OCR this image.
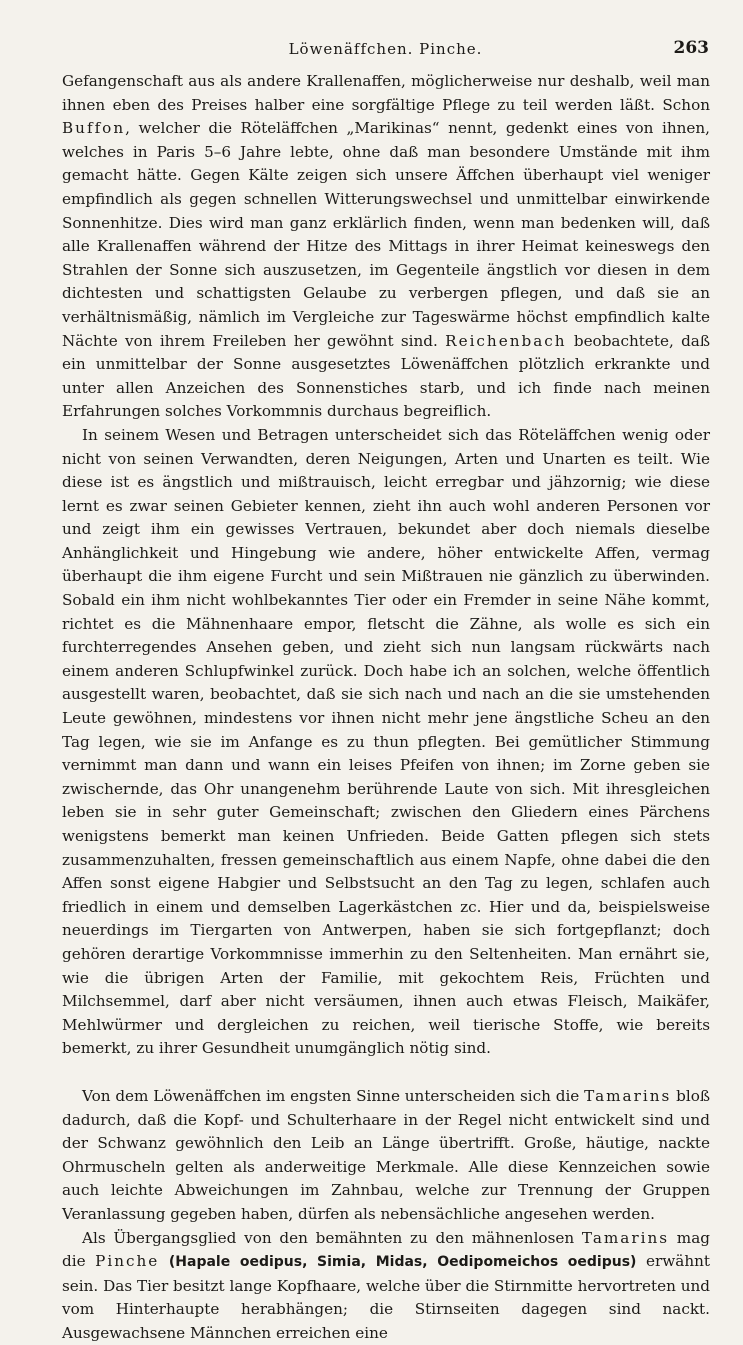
Löwenäffchen. Pinche.	263

Gefangenschaft aus als andere Krallenaffen, möglicherweise nur deshalb, weil man ihnen eben des Preises halber eine sorgfältige Pflege zu teil werden läßt. Schon Buffon, welcher die Röteläffchen „Marikinas“ nennt, gedenkt eines von ihnen, welches in Paris 5–6 Jahre lebte, ohne daß man besondere Umstände mit ihm gemacht hätte. Gegen Kälte zeigen sich unsere Äffchen überhaupt viel weniger empfindlich als gegen schnellen Witterungswechsel und unmittelbar einwirkende Sonnenhitze. Dies wird man ganz erklärlich finden, wenn man bedenken will, daß alle Krallenaffen während der Hitze des Mittags in ihrer Heimat keineswegs den Strahlen der Sonne sich auszusetzen, im Gegenteile ängstlich vor diesen in dem dichtesten und schattigsten Gelaube zu verbergen pflegen, und daß sie an verhältnismäßig, nämlich im Vergleiche zur Tageswärme höchst empfindlich kalte Nächte von ihrem Freileben her gewöhnt sind. Reichenbach beobachtete, daß ein unmittelbar der Sonne ausgesetztes Löwenäffchen plötzlich erkrankte und unter allen Anzeichen des Sonnenstiches starb, und ich finde nach meinen Erfahrungen solches Vorkommnis durchaus begreiflich.

In seinem Wesen und Betragen unterscheidet sich das Röteläffchen wenig oder nicht von seinen Verwandten, deren Neigungen, Arten und Unarten es teilt. Wie diese ist es ängstlich und mißtrauisch, leicht erregbar und jähzornig; wie diese lernt es zwar seinen Gebieter kennen, zieht ihn auch wohl anderen Personen vor und zeigt ihm ein gewisses Vertrauen, bekundet aber doch niemals dieselbe Anhänglichkeit und Hingebung wie andere, höher entwickelte Affen, vermag überhaupt die ihm eigene Furcht und sein Mißtrauen nie gänzlich zu überwinden. Sobald ein ihm nicht wohlbekanntes Tier oder ein Fremder in seine Nähe kommt, richtet es die Mähnenhaare empor, fletscht die Zähne, als wolle es sich ein furchterregendes Ansehen geben, und zieht sich nun langsam rückwärts nach einem anderen Schlupfwinkel zurück. Doch habe ich an solchen, welche öffentlich ausgestellt waren, beobachtet, daß sie sich nach und nach an die sie umstehenden Leute gewöhnen, mindestens vor ihnen nicht mehr jene ängstliche Scheu an den Tag legen, wie sie im Anfange es zu thun pflegten. Bei gemütlicher Stimmung vernimmt man dann und wann ein leises Pfeifen von ihnen; im Zorne geben sie zwischernde, das Ohr unangenehm berührende Laute von sich. Mit ihresgleichen leben sie in sehr guter Gemeinschaft; zwischen den Gliedern eines Pärchens wenigstens bemerkt man keinen Unfrieden. Beide Gatten pflegen sich stets zusammenzuhalten, fressen gemeinschaftlich aus einem Napfe, ohne dabei die den Affen sonst eigene Habgier und Selbstsucht an den Tag zu legen, schlafen auch friedlich in einem und demselben Lagerkästchen zc. Hier und da, beispielsweise neuerdings im Tiergarten von Antwerpen, haben sie sich fortgepflanzt; doch gehören derartige Vorkommnisse immerhin zu den Seltenheiten. Man ernährt sie, wie die übrigen Arten der Familie, mit gekochtem Reis, Früchten und Milchsemmel, darf aber nicht versäumen, ihnen auch etwas Fleisch, Maikäfer, Mehlwürmer und dergleichen zu reichen, weil tierische Stoffe, wie bereits bemerkt, zu ihrer Gesundheit unumgänglich nötig sind.

Von dem Löwenäffchen im engsten Sinne unterscheiden sich die Tamarins bloß dadurch, daß die Kopf- und Schulterhaare in der Regel nicht entwickelt sind und der Schwanz gewöhnlich den Leib an Länge übertrifft. Große, häutige, nackte Ohrmuscheln gelten als anderweitige Merkmale. Alle diese Kennzeichen sowie auch leichte Abweichungen im Zahnbau, welche zur Trennung der Gruppen Veranlassung gegeben haben, dürfen als nebensächliche angesehen werden.

Als Übergangsglied von den bemähnten zu den mähnenlosen Tamarins mag die Pinche (Hapale oedipus, Simia, Midas, Oedipomeichos oedipus) erwähnt sein. Das Tier besitzt lange Kopfhaare, welche über die Stirnmitte hervortreten und vom Hinterhaupte herabhängen; die Stirnseiten dagegen sind nackt. Ausgewachsene Männchen erreichen eine
